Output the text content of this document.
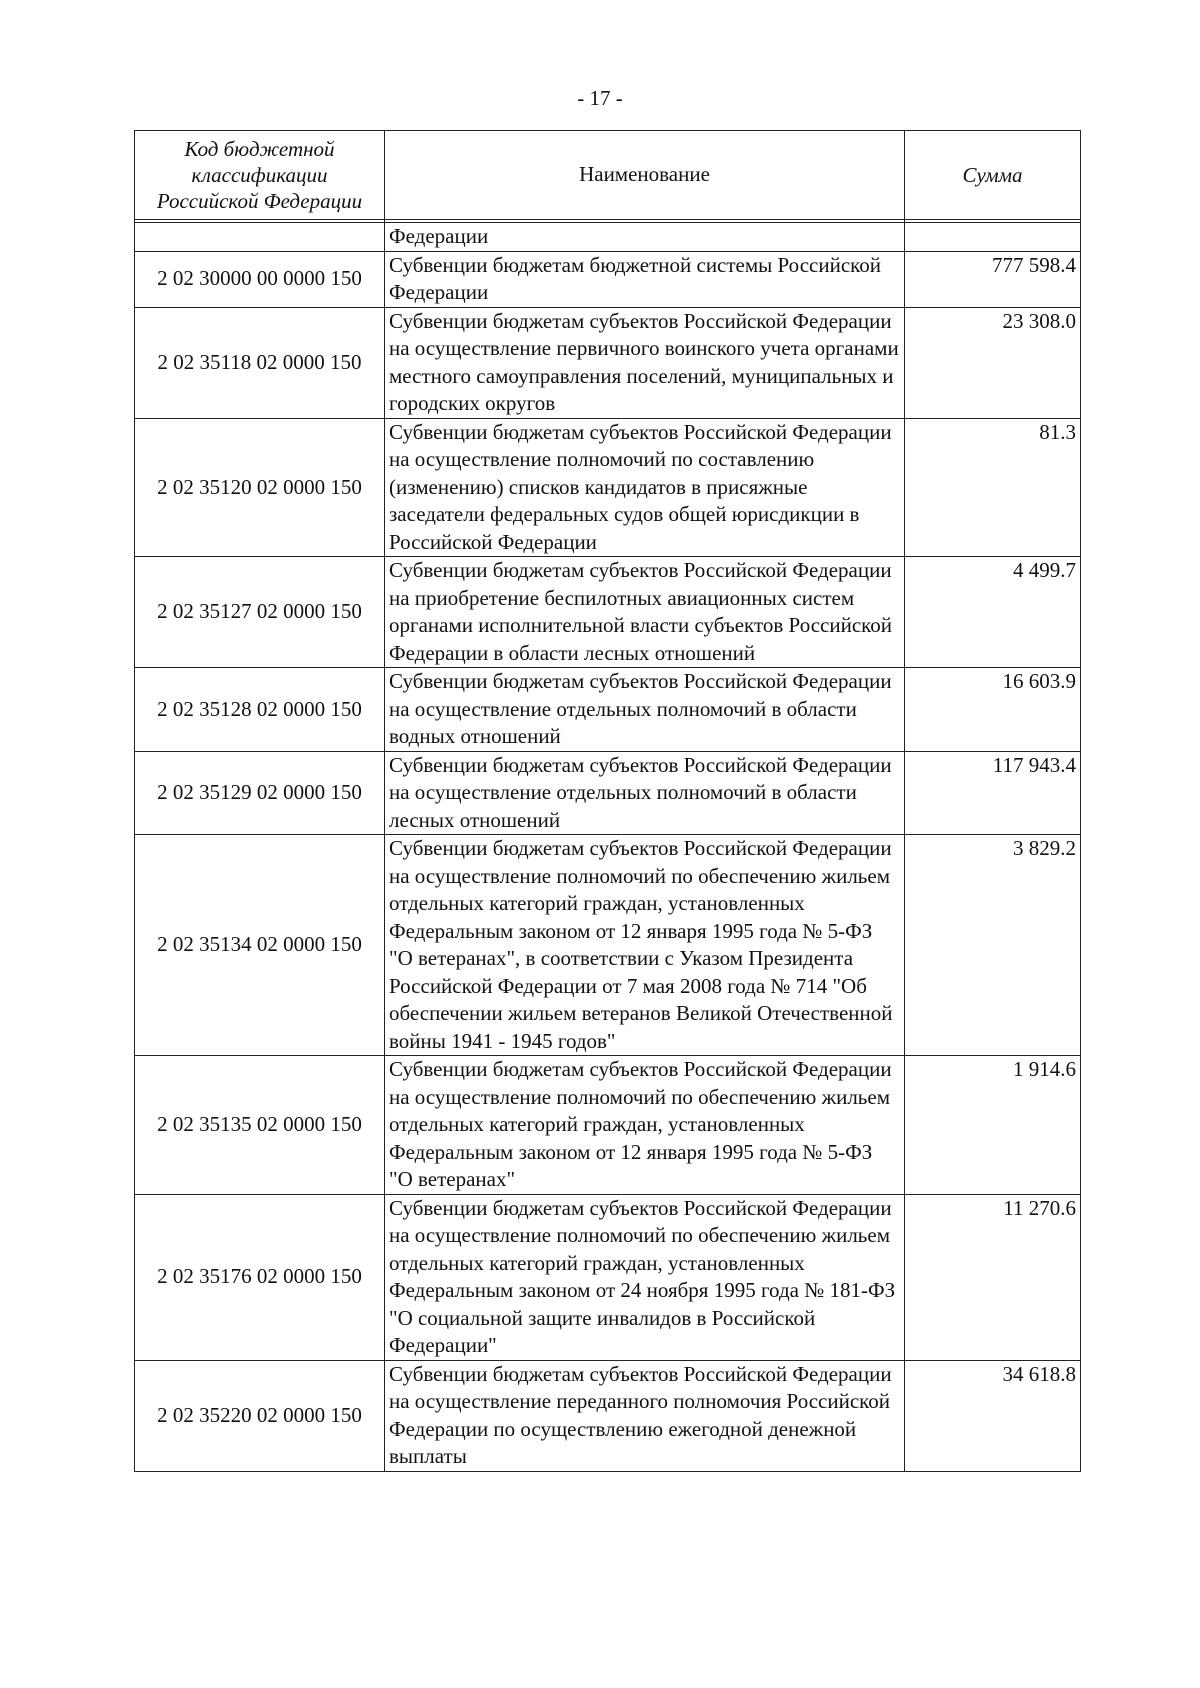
- 17 -
Код бюджетной классификации Российской Федерации	Наименование	Сумма

	Федерации	
2 02 30000 00 0000 150	Субвенции бюджетам бюджетной системы Российской Федерации	777 598.4
2 02 35118 02 0000 150	Субвенции бюджетам субъектов Российской Федерации на осуществление первичного воинского учета органами местного самоуправления поселений, муниципальных и городских округов	23 308.0
2 02 35120 02 0000 150	Субвенции бюджетам субъектов Российской Федерации на осуществление полномочий по составлению (изменению) списков кандидатов в присяжные заседатели федеральных судов общей юрисдикции в Российской Федерации	81.3
2 02 35127 02 0000 150	Субвенции бюджетам субъектов Российской Федерации на приобретение беспилотных авиационных систем органами исполнительной власти субъектов Российской Федерации в области лесных отношений	4 499.7
2 02 35128 02 0000 150	Субвенции бюджетам субъектов Российской Федерации на осуществление отдельных полномочий в области водных отношений	16 603.9
2 02 35129 02 0000 150	Субвенции бюджетам субъектов Российской Федерации на осуществление отдельных полномочий в области лесных отношений	117 943.4
2 02 35134 02 0000 150	Субвенции бюджетам субъектов Российской Федерации на осуществление полномочий по обеспечению жильем отдельных категорий граждан, установленных Федеральным законом от 12 января 1995 года № 5-ФЗ "О ветеранах", в соответствии с Указом Президента Российской Федерации от 7 мая 2008 года № 714 "Об обеспечении жильем ветеранов Великой Отечественной войны 1941 - 1945 годов"	3 829.2
2 02 35135 02 0000 150	Субвенции бюджетам субъектов Российской Федерации на осуществление полномочий по обеспечению жильем отдельных категорий граждан, установленных Федеральным законом от 12 января 1995 года № 5-ФЗ "О ветеранах"	1 914.6
2 02 35176 02 0000 150	Субвенции бюджетам субъектов Российской Федерации на осуществление полномочий по обеспечению жильем отдельных категорий граждан, установленных Федеральным законом от 24 ноября 1995 года № 181-ФЗ "О социальной защите инвалидов в Российской Федерации"	11 270.6
2 02 35220 02 0000 150	Субвенции бюджетам субъектов Российской Федерации на осуществление переданного полномочия Российской Федерации по осуществлению ежегодной денежной выплаты	34 618.8
